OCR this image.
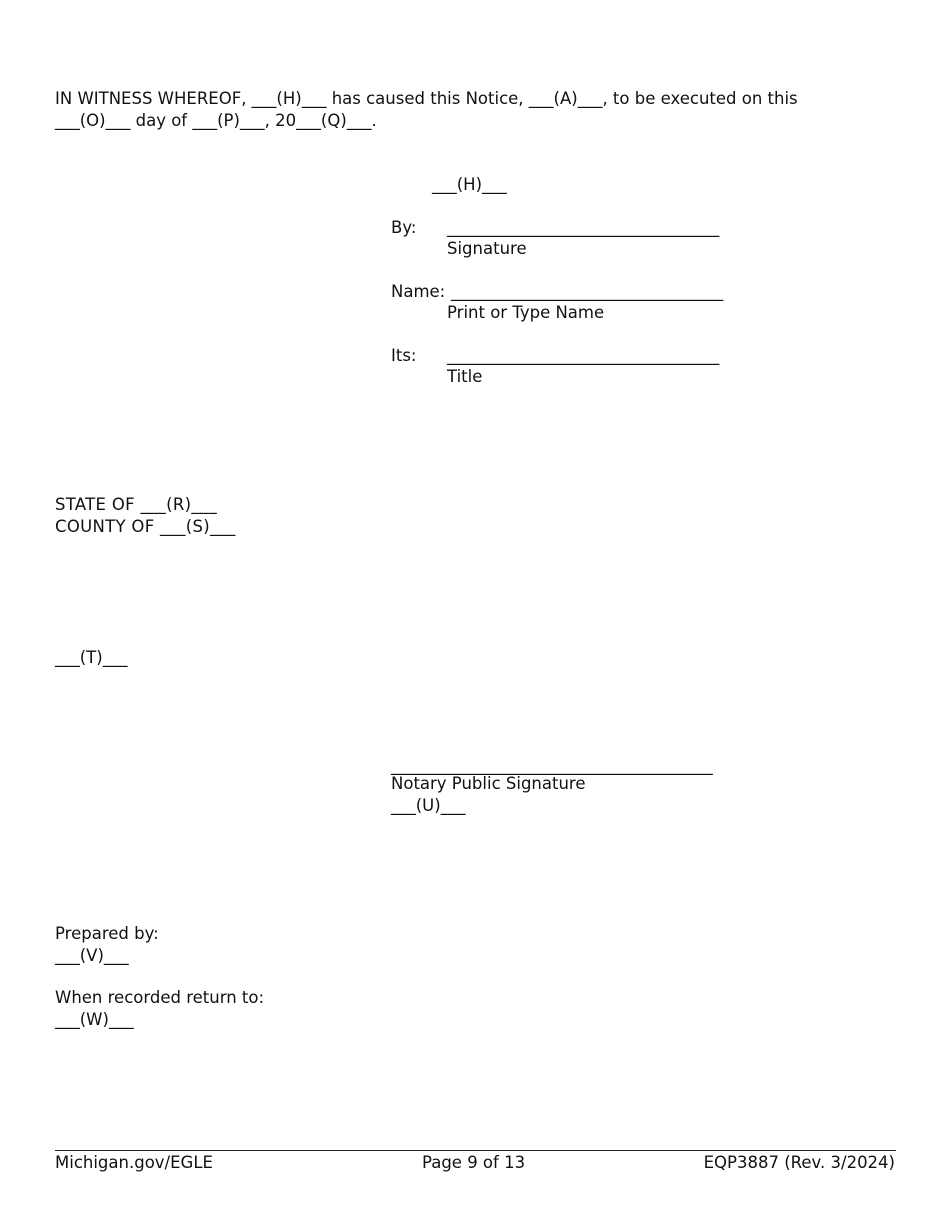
IN WITNESS WHEREOF, ___(H)___ has caused this Notice, ___(A)___, to be executed on this
___(O)___ day of ___(P)___, 20___(Q)___.
___(H)___
By: _________________________________
Signature
Name: _________________________________
Print or Type Name
Its: _________________________________
Title
STATE OF ___(R)___
COUNTY OF ___(S)___
___(T)___
_______________________________________
Notary Public Signature
___(U)___
Prepared by:
___(V)___
When recorded return to:
___(W)___
Michigan.gov/EGLE	Page 9 of 13	EQP3887 (Rev. 3/2024)
